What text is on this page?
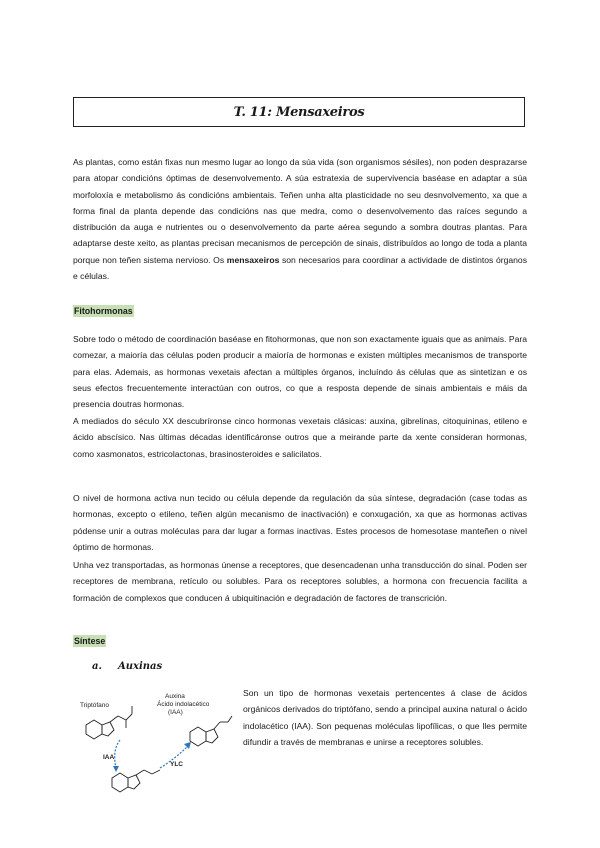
T. 11: Mensaxeiros

As plantas, como están fixas nun mesmo lugar ao longo da súa vida (son organismos sésiles), non poden desprazarse para atopar condicións óptimas de desenvolvemento. A súa estratexia de supervivencia baséase en adaptar a súa morfoloxía e metabolismo ás condicións ambientais. Teñen unha alta plasticidade no seu desnvolvemento, xa que a forma final da planta depende das condicións nas que medra, como o desenvolvemento das raíces segundo a distribución da auga e nutrientes ou o desenvolvemento da parte aérea segundo a sombra doutras plantas. Para adaptarse deste xeito, as plantas precisan mecanismos de percepción de sinais, distribuídos ao longo de toda a planta porque non teñen sistema nervioso. Os mensaxeiros son necesarios para coordinar a actividade de distintos órganos e células.

Fitohormonas

Sobre todo o método de coordinación baséase en fitohormonas, que non son exactamente iguais que as animais. Para comezar, a maioría das células poden producir a maioría de hormonas e existen múltiples mecanismos de transporte para elas. Ademais, as hormonas vexetais afectan a múltiples órganos, incluíndo ás células que as sintetizan e os seus efectos frecuentemente interactúan con outros, co que a resposta depende de sinais ambientais e máis da presencia doutras hormonas.

A mediados do século XX descubríronse cinco hormonas vexetais clásicas: auxina, gibrelinas, citoquininas, etileno e ácido abscísico. Nas últimas décadas identificáronse outros que a meirande parte da xente consideran hormonas, como xasmonatos, estricolactonas, brasinosteroides e salicilatos.

O nivel de hormona activa nun tecido ou célula depende da regulación da súa síntese, degradación (case todas as hormonas, excepto o etileno, teñen algún mecanismo de inactivación) e conxugación, xa que as hormonas activas pódense unir a outras moléculas para dar lugar a formas inactivas. Estes procesos de homesotase manteñen o nivel óptimo de hormonas.

Unha vez transportadas, as hormonas únense a receptores, que desencadenan unha transducción do sinal. Poden ser receptores de membrana, retículo ou solubles. Para os receptores solubles, a hormona con frecuencia facilita a formación de complexos que conducen á ubiquitinación e degradación de factores de transcrición.

Síntese
a. Auxinas
Triptófano
Auxina
Ácido indolacético
(IAA)
IAA
YLC

Son un tipo de hormonas vexetais pertencentes á clase de ácidos orgánicos derivados do triptófano, sendo a principal auxina natural o ácido indolacético (IAA). Son pequenas moléculas lipofílicas, o que lles permite difundir a través de membranas e unirse a receptores solubles.
